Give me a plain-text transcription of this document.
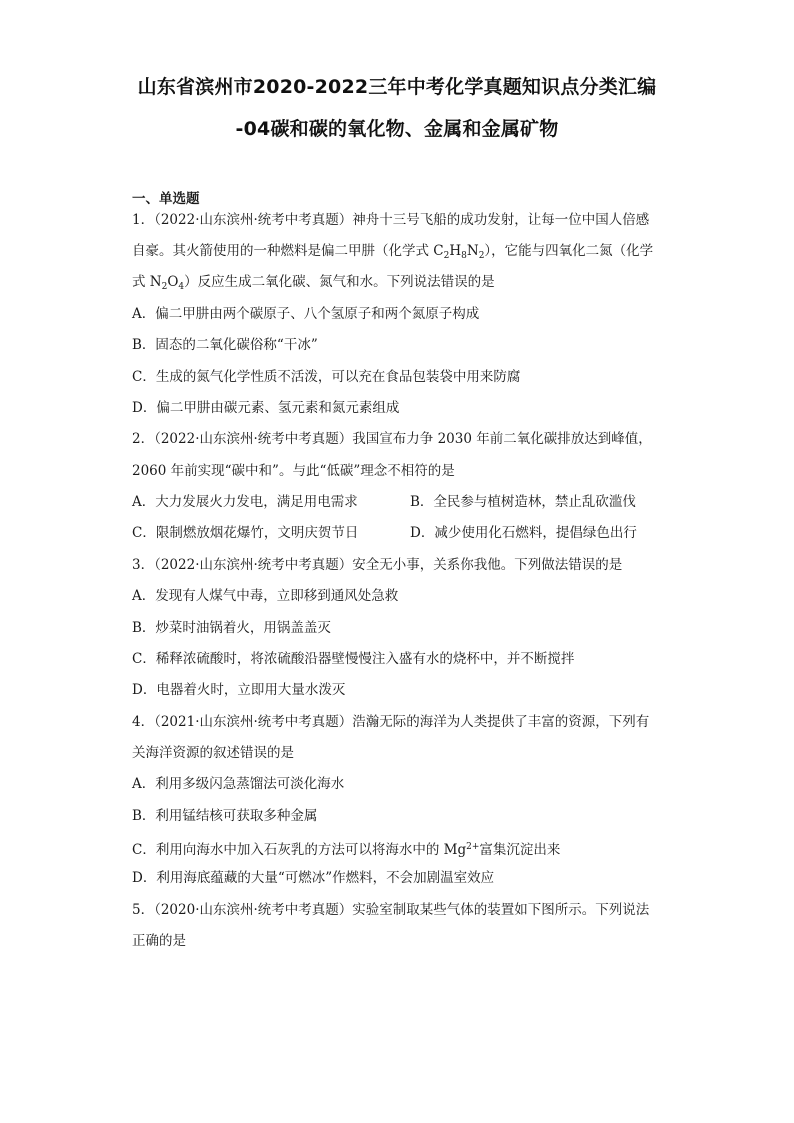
山东省滨州市2020-2022三年中考化学真题知识点分类汇编
-04碳和碳的氧化物、金属和金属矿物
一、单选题
1．（2022·山东滨州·统考中考真题）神舟十三号飞船的成功发射，让每一位中国人倍感
自豪。其火箭使用的一种燃料是偏二甲肼（化学式 $C_2H_8N_2$），它能与四氧化二氮（化学
式 $N_2O_4$）反应生成二氧化碳、氮气和水。下列说法错误的是
A．偏二甲肼由两个碳原子、八个氢原子和两个氮原子构成
B．固态的二氧化碳俗称“干冰”
C．生成的氮气化学性质不活泼，可以充在食品包装袋中用来防腐
D．偏二甲肼由碳元素、氢元素和氮元素组成
2．（2022·山东滨州·统考中考真题）我国宣布力争 2030 年前二氧化碳排放达到峰值，
2060 年前实现“碳中和”。与此“低碳”理念不相符的是
A．大力发展火力发电，满足用电需求	B．全民参与植树造林，禁止乱砍滥伐
C．限制燃放烟花爆竹，文明庆贺节日	D．减少使用化石燃料，提倡绿色出行
3．（2022·山东滨州·统考中考真题）安全无小事，关系你我他。下列做法错误的是
A．发现有人煤气中毒，立即移到通风处急救
B．炒菜时油锅着火，用锅盖盖灭
C．稀释浓硫酸时，将浓硫酸沿器壁慢慢注入盛有水的烧杯中，并不断搅拌
D．电器着火时，立即用大量水泼灭
4．（2021·山东滨州·统考中考真题）浩瀚无际的海洋为人类提供了丰富的资源，下列有
关海洋资源的叙述错误的是
A．利用多级闪急蒸馏法可淡化海水
B．利用锰结核可获取多种金属
C．利用向海水中加入石灰乳的方法可以将海水中的 $Mg^{2+}$富集沉淀出来
D．利用海底蕴藏的大量“可燃冰”作燃料，不会加剧温室效应
5．（2020·山东滨州·统考中考真题）实验室制取某些气体的装置如下图所示。下列说法
正确的是
